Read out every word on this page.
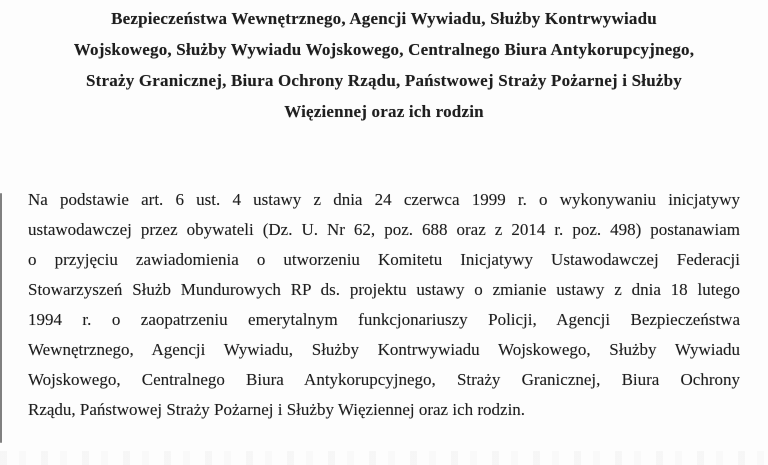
Bezpieczeństwa Wewnętrznego, Agencji Wywiadu, Służby Kontrwywiadu
Wojskowego, Służby Wywiadu Wojskowego, Centralnego Biura Antykorupcyjnego,
Straży Granicznej, Biura Ochrony Rządu, Państwowej Straży Pożarnej i Służby
Więziennej oraz ich rodzin
Na podstawie art. 6 ust. 4 ustawy z dnia 24 czerwca 1999 r. o wykonywaniu inicjatywy
ustawodawczej przez obywateli (Dz. U. Nr 62, poz. 688 oraz z 2014 r. poz. 498) postanawiam
o przyjęciu zawiadomienia o utworzeniu Komitetu Inicjatywy Ustawodawczej Federacji
Stowarzyszeń Służb Mundurowych RP ds. projektu ustawy o zmianie ustawy z dnia 18 lutego
1994 r. o zaopatrzeniu emerytalnym funkcjonariuszy Policji, Agencji Bezpieczeństwa
Wewnętrznego, Agencji Wywiadu, Służby Kontrwywiadu Wojskowego, Służby Wywiadu
Wojskowego, Centralnego Biura Antykorupcyjnego, Straży Granicznej, Biura Ochrony
Rządu, Państwowej Straży Pożarnej i Służby Więziennej oraz ich rodzin.
